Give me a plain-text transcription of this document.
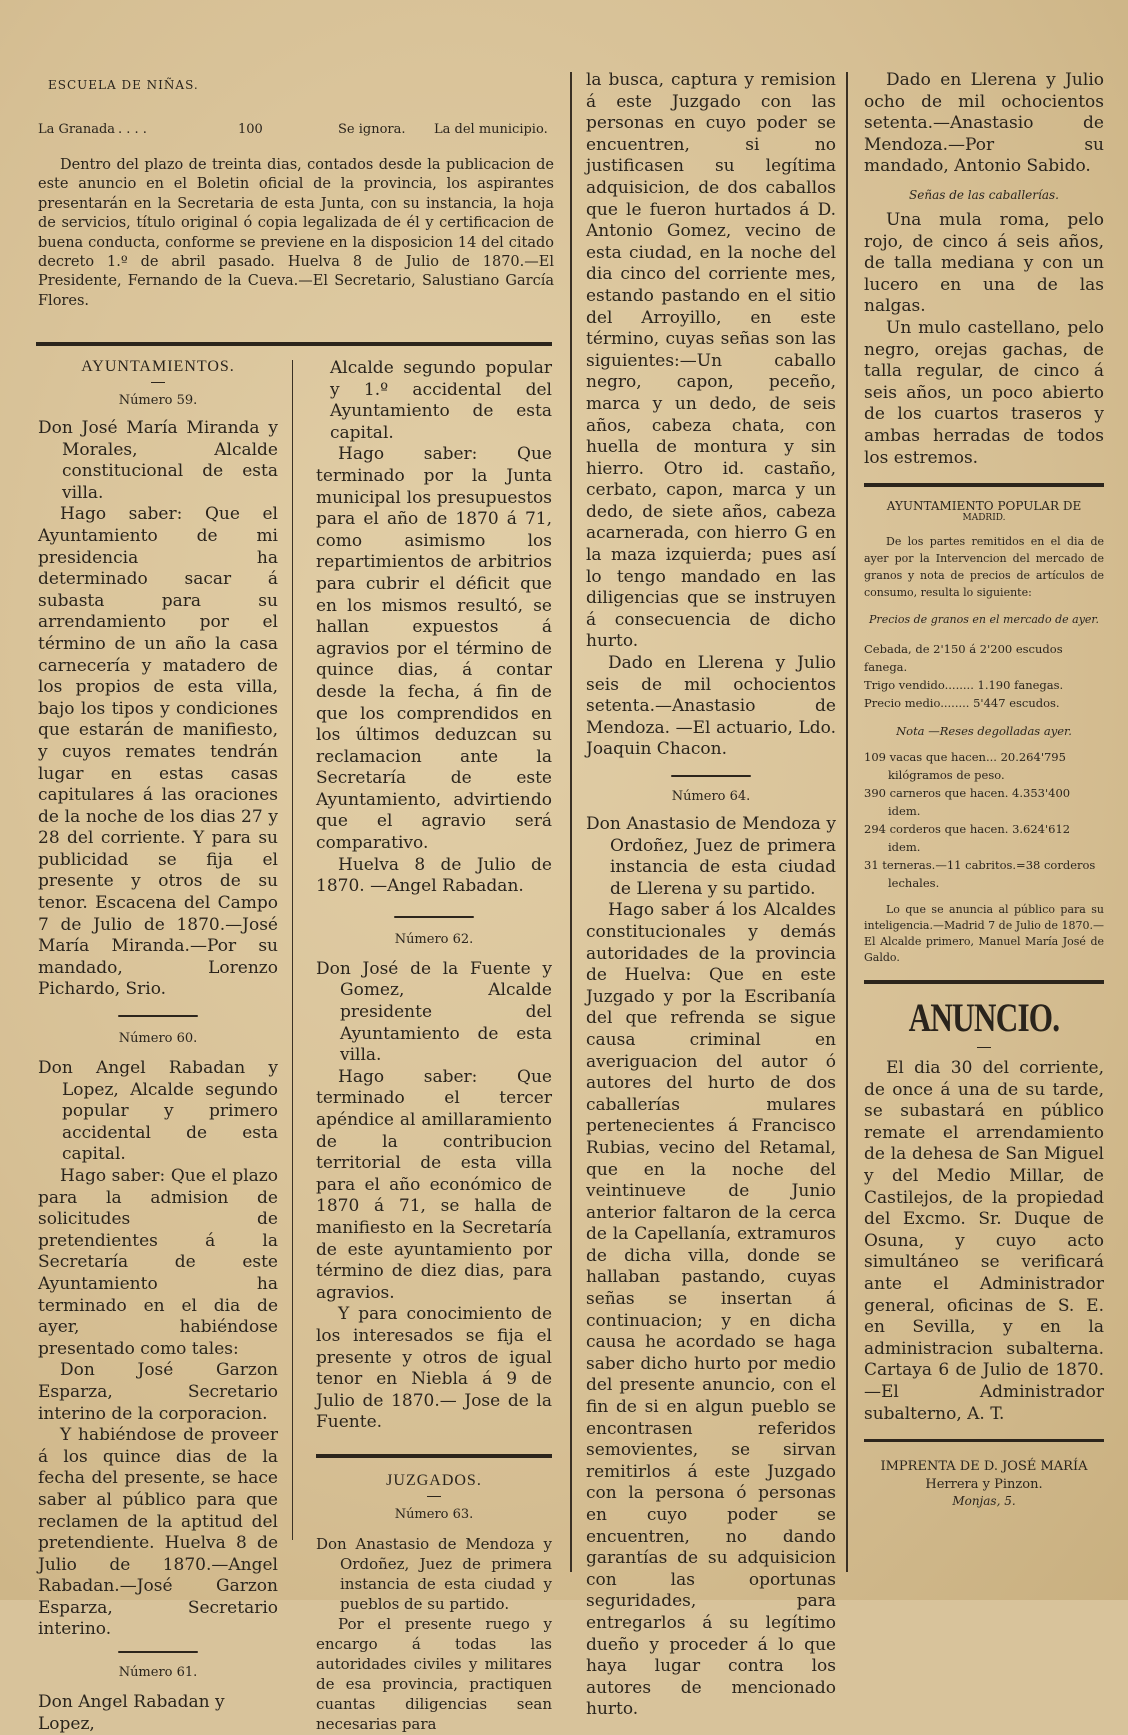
ESCUELA DE NIÑAS.

La Granada . . . .	100	Se ignora.	La del municipio.

Dentro del plazo de treinta dias, contados desde la publicacion de este anuncio en el Boletin oficial de la provincia, los aspirantes presentarán en la Secretaria de esta Junta, con su instancia, la hoja de servicios, título original ó copia legalizada de él y certificacion de buena conducta, conforme se previene en la disposicion 14 del citado decreto 1.º de abril pasado. Huelva 8 de Julio de 1870.—El Presidente, Fernando de la Cueva.—El Secretario, Salustiano García Flores.

AYUNTAMIENTOS.

Número 59.

Don José María Miranda y Morales, Alcalde constitucional de esta villa.

Hago saber: Que el Ayuntamiento de mi presidencia ha determinado sacar á subasta para su arrendamiento por el término de un año la casa carnecería y matadero de los propios de esta villa, bajo los tipos y condiciones que estarán de manifiesto, y cuyos remates tendrán lugar en estas casas capitulares á las oraciones de la noche de los dias 27 y 28 del corriente. Y para su publicidad se fija el presente y otros de su tenor. Escacena del Campo 7 de Julio de 1870.—José María Miranda.—Por su mandado, Lorenzo Pichardo, Srio.

Número 60.

Don Angel Rabadan y Lopez, Alcalde segundo popular y primero accidental de esta capital.

Hago saber: Que el plazo para la admision de solicitudes de pretendientes á la Secretaría de este Ayuntamiento ha terminado en el dia de ayer, habiéndose presentado como tales:

Don José Garzon Esparza, Secretario interino de la corporacion.

Y habiéndose de proveer á los quince dias de la fecha del presente, se hace saber al público para que reclamen de la aptitud del pretendiente. Huelva 8 de Julio de 1870.—Angel Rabadan.—José Garzon Esparza, Secretario interino.

Número 61.

Don Angel Rabadan y Lopez,

Alcalde segundo popular y 1.º accidental del Ayuntamiento de esta capital.

Hago saber: Que terminado por la Junta municipal los presupuestos para el año de 1870 á 71, como asimismo los repartimientos de arbitrios para cubrir el déficit que en los mismos resultó, se hallan expuestos á agravios por el término de quince dias, á contar desde la fecha, á fin de que los comprendidos en los últimos deduzcan su reclamacion ante la Secretaría de este Ayuntamiento, advirtiendo que el agravio será comparativo.

Huelva 8 de Julio de 1870. —Angel Rabadan.

Número 62.

Don José de la Fuente y Gomez, Alcalde presidente del Ayuntamiento de esta villa.

Hago saber: Que terminado el tercer apéndice al amillaramiento de la contribucion territorial de esta villa para el año económico de 1870 á 71, se halla de manifiesto en la Secretaría de este ayuntamiento por término de diez dias, para agravios.

Y para conocimiento de los interesados se fija el presente y otros de igual tenor en Niebla á 9 de Julio de 1870.— Jose de la Fuente.

JUZGADOS.

Número 63.

Don Anastasio de Mendoza y Ordoñez, Juez de primera instancia de esta ciudad y pueblos de su partido.

Por el presente ruego y encargo á todas las autoridades civiles y militares de esa provincia, practiquen cuantas diligencias sean necesarias para

la busca, captura y remision á este Juzgado con las personas en cuyo poder se encuentren, si no justificasen su legítima adquisicion, de dos caballos que le fueron hurtados á D. Antonio Gomez, vecino de esta ciudad, en la noche del dia cinco del corriente mes, estando pastando en el sitio del Arroyillo, en este término, cuyas señas son las siguientes:—Un caballo negro, capon, peceño, marca y un dedo, de seis años, cabeza chata, con huella de montura y sin hierro. Otro id. castaño, cerbato, capon, marca y un dedo, de siete años, cabeza acarnerada, con hierro G en la maza izquierda; pues así lo tengo mandado en las diligencias que se instruyen á consecuencia de dicho hurto.

Dado en Llerena y Julio seis de mil ochocientos setenta.—Anastasio de Mendoza. —El actuario, Ldo. Joaquin Chacon.

Número 64.

Don Anastasio de Mendoza y Ordoñez, Juez de primera instancia de esta ciudad de Llerena y su partido.

Hago saber á los Alcaldes constitucionales y demás autoridades de la provincia de Huelva: Que en este Juzgado y por la Escribanía del que refrenda se sigue causa criminal en averiguacion del autor ó autores del hurto de dos caballerías mulares pertenecientes á Francisco Rubias, vecino del Retamal, que en la noche del veintinueve de Junio anterior faltaron de la cerca de la Capellanía, extramuros de dicha villa, donde se hallaban pastando, cuyas señas se insertan á continuacion; y en dicha causa he acordado se haga saber dicho hurto por medio del presente anuncio, con el fin de si en algun pueblo se encontrasen referidos semovientes, se sirvan remitirlos á este Juzgado con la persona ó personas en cuyo poder se encuentren, no dando garantías de su adquisicion con las oportunas seguridades, para entregarlos á su legítimo dueño y proceder á lo que haya lugar contra los autores de mencionado hurto.

Dado en Llerena y Julio ocho de mil ochocientos setenta.—Anastasio de Mendoza.—Por su mandado, Antonio Sabido.

Señas de las caballerías.

Una mula roma, pelo rojo, de cinco á seis años, de talla mediana y con un lucero en una de las nalgas.

Un mulo castellano, pelo negro, orejas gachas, de talla regular, de cinco á seis años, un poco abierto de los cuartos traseros y ambas herradas de todos los estremos.

AYUNTAMIENTO POPULAR DE

MADRID.

De los partes remitidos en el dia de ayer por la Intervencion del mercado de granos y nota de precios de artículos de consumo, resulta lo siguiente:

Precios de granos en el mercado de ayer.

Cebada, de 2'150 á 2'200 escudos fanega.

Trigo vendido........ 1.190 fanegas.

Precio medio........ 5'447 escudos.

Nota —Reses degolladas ayer.

109 vacas que hacen... 20.264'795 kilógramos de peso.

390 carneros que hacen. 4.353'400 idem.

294 corderos que hacen. 3.624'612 idem.

31 terneras.—11 cabritos.=38 corderos lechales.

Lo que se anuncia al público para su inteligencia.—Madrid 7 de Julio de 1870.—El Alcalde primero, Manuel María José de Galdo.

ANUNCIO.

El dia 30 del corriente, de once á una de su tarde, se subastará en público remate el arrendamiento de la dehesa de San Miguel y del Medio Millar, de Castilejos, de la propiedad del Excmo. Sr. Duque de Osuna, y cuyo acto simultáneo se verificará ante el Administrador general, oficinas de S. E. en Sevilla, y en la administracion subalterna. Cartaya 6 de Julio de 1870. —El Administrador subalterno, A. T.

IMPRENTA DE D. JOSÉ MARÍA Herrera y Pinzon.

Monjas, 5.
